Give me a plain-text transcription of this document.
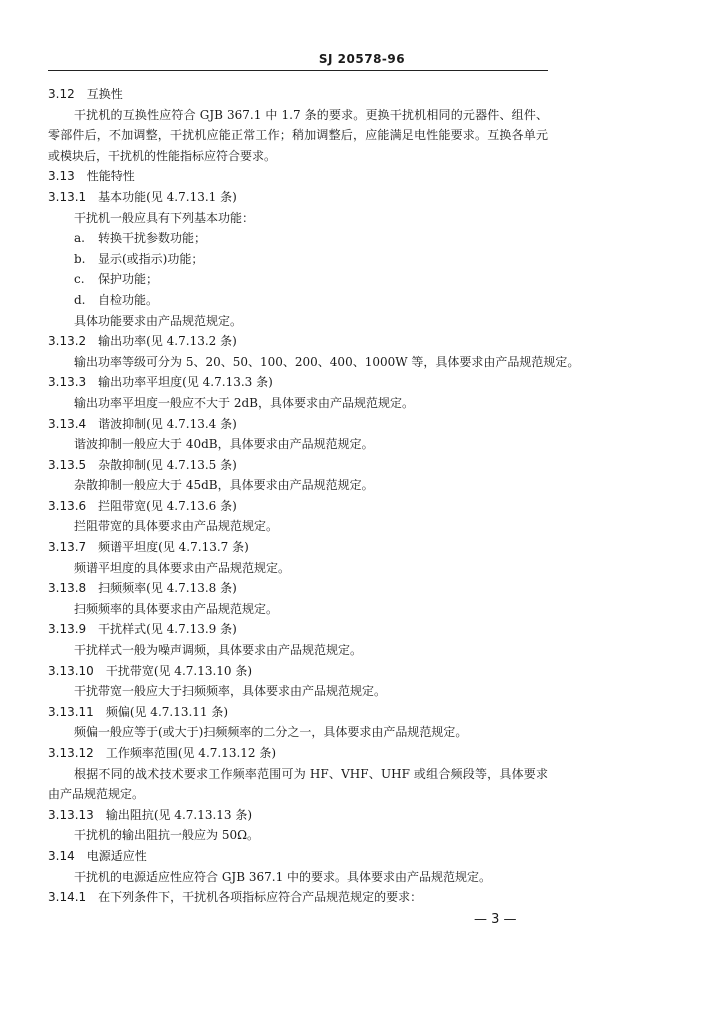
SJ 20578-96
3.12 互换性
干扰机的互换性应符合 GJB 367.1 中 1.7 条的要求。更换干扰机相同的元器件、组件、零部件后，不加调整，干扰机应能正常工作；稍加调整后，应能满足电性能要求。互换各单元或模块后，干扰机的性能指标应符合要求。
3.13 性能特性
3.13.1 基本功能(见 4.7.13.1 条)
干扰机一般应具有下列基本功能：
a. 转换干扰参数功能；
b. 显示(或指示)功能；
c. 保护功能；
d. 自检功能。
具体功能要求由产品规范规定。
3.13.2 输出功率(见 4.7.13.2 条)
输出功率等级可分为 5、20、50、100、200、400、1000W 等，具体要求由产品规范规定。
3.13.3 输出功率平坦度(见 4.7.13.3 条)
输出功率平坦度一般应不大于 2dB，具体要求由产品规范规定。
3.13.4 谐波抑制(见 4.7.13.4 条)
谐波抑制一般应大于 40dB，具体要求由产品规范规定。
3.13.5 杂散抑制(见 4.7.13.5 条)
杂散抑制一般应大于 45dB，具体要求由产品规范规定。
3.13.6 拦阻带宽(见 4.7.13.6 条)
拦阻带宽的具体要求由产品规范规定。
3.13.7 频谱平坦度(见 4.7.13.7 条)
频谱平坦度的具体要求由产品规范规定。
3.13.8 扫频频率(见 4.7.13.8 条)
扫频频率的具体要求由产品规范规定。
3.13.9 干扰样式(见 4.7.13.9 条)
干扰样式一般为噪声调频，具体要求由产品规范规定。
3.13.10 干扰带宽(见 4.7.13.10 条)
干扰带宽一般应大于扫频频率，具体要求由产品规范规定。
3.13.11 频偏(见 4.7.13.11 条)
频偏一般应等于(或大于)扫频频率的二分之一，具体要求由产品规范规定。
3.13.12 工作频率范围(见 4.7.13.12 条)
根据不同的战术技术要求工作频率范围可为 HF、VHF、UHF 或组合频段等，具体要求由产品规范规定。
3.13.13 输出阻抗(见 4.7.13.13 条)
干扰机的输出阻抗一般应为 50Ω。
3.14 电源适应性
干扰机的电源适应性应符合 GJB 367.1 中的要求。具体要求由产品规范规定。
3.14.1 在下列条件下，干扰机各项指标应符合产品规范规定的要求：
— 3 —
